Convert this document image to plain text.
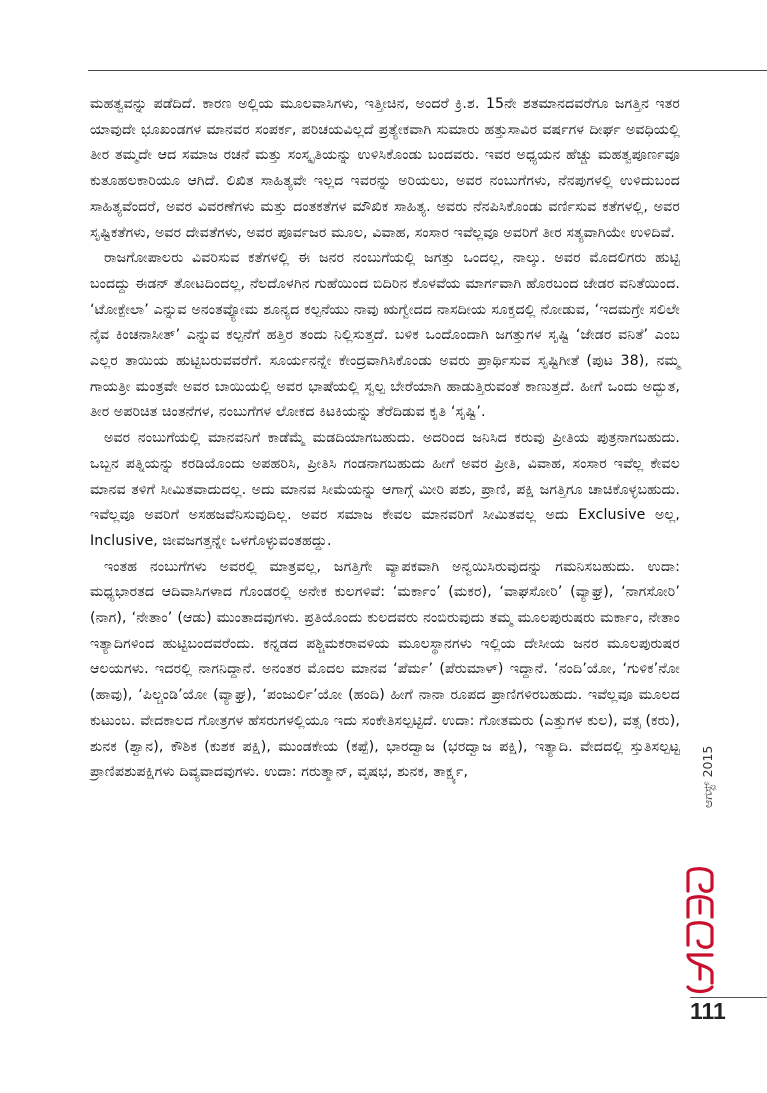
ಮಹತ್ವವನ್ನು ಪಡೆದಿದೆ. ಕಾರಣ ಅಲ್ಲಿಯ ಮೂಲವಾಸಿಗಳು, ಇತ್ತೀಚಿನ, ಅಂದರೆ ಕ್ರಿ.ಶ. 15ನೇ ಶತಮಾನದವರೆಗೂ ಜಗತ್ತಿನ ಇತರ ಯಾವುದೇ ಭೂಖಂಡಗಳ ಮಾನವರ ಸಂಪರ್ಕ, ಪರಿಚಯವಿಲ್ಲದೆ ಪ್ರತ್ಯೇಕವಾಗಿ ಸುಮಾರು ಹತ್ತುಸಾವಿರ ವರ್ಷಗಳ ದೀರ್ಘ ಅವಧಿಯಲ್ಲಿ ತೀರ ತಮ್ಮದೇ ಆದ ಸಮಾಜ ರಚನೆ ಮತ್ತು ಸಂಸ್ಕೃತಿಯನ್ನು ಉಳಿಸಿಕೊಂಡು ಬಂದವರು. ಇವರ ಅಧ್ಯಯನ ಹೆಚ್ಚು ಮಹತ್ವಪೂರ್ಣವೂ ಕುತೂಹಲಕಾರಿಯೂ ಆಗಿದೆ. ಲಿಖಿತ ಸಾಹಿತ್ಯವೇ ಇಲ್ಲದ ಇವರನ್ನು ಅರಿಯಲು, ಅವರ ನಂಬುಗೆಗಳು, ನೆನಪುಗಳಲ್ಲಿ ಉಳಿದುಬಂದ ಸಾಹಿತ್ಯವೆಂದರೆ, ಅವರ ವಿವರಣೆಗಳು ಮತ್ತು ದಂತಕತೆಗಳ ಮೌಖಿಕ ಸಾಹಿತ್ಯ. ಅವರು ನೆನಪಿಸಿಕೊಂಡು ವರ್ಣಿಸುವ ಕತೆಗಳಲ್ಲಿ, ಅವರ ಸೃಷ್ಟಿಕತೆಗಳು, ಅವರ ದೇವತೆಗಳು, ಅವರ ಪೂರ್ವಜರ ಮೂಲ, ವಿವಾಹ, ಸಂಸಾರ ಇವೆಲ್ಲವೂ ಅವರಿಗೆ ತೀರ ಸತ್ಯವಾಗಿಯೇ ಉಳಿದಿವೆ.

ರಾಜಗೋಪಾಲರು ವಿವರಿಸುವ ಕತೆಗಳಲ್ಲಿ ಈ ಜನರ ನಂಬುಗೆಯಲ್ಲಿ ಜಗತ್ತು ಒಂದಲ್ಲ, ನಾಲ್ಕು. ಅವರ ಮೊದಲಿಗರು ಹುಟ್ಟಿ ಬಂದದ್ದು ಈಡನ್ ತೋಟದಿಂದಲ್ಲ, ನೆಲದೊಳಗಿನ ಗುಹೆಯಿಂದ ಬಿದಿರಿನ ಕೊಳವೆಯ ಮಾರ್ಗವಾಗಿ ಹೊರಬಂದ ಜೇಡರ ವನಿತೆಯಿಂದ. ‘ಟೋಕ್ಪೇಲಾ’ ಎನ್ನುವ ಅನಂತವ್ಯೋಮ ಶೂನ್ಯದ ಕಲ್ಪನೆಯು ನಾವು ಋಗ್ವೇದದ ನಾಸದೀಯ ಸೂಕ್ತದಲ್ಲಿ ನೋಡುವ, ‘ಇದಮಗ್ರೇ ಸಲಿಲೇ ನೈವ ಕಿಂಚನಾಸೀತ್’ ಎನ್ನುವ ಕಲ್ಪನೆಗೆ ಹತ್ತಿರ ತಂದು ನಿಲ್ಲಿಸುತ್ತದೆ. ಬಳಿಕ ಒಂದೊಂದಾಗಿ ಜಗತ್ತುಗಳ ಸೃಷ್ಟಿ ‘ಜೇಡರ ವನಿತೆ’ ಎಂಬ ಎಲ್ಲರ ತಾಯಿಯ ಹುಟ್ಟಿಬರುವವರೆಗೆ. ಸೂರ್ಯನನ್ನೇ ಕೇಂದ್ರವಾಗಿಸಿಕೊಂಡು ಅವರು ಪ್ರಾರ್ಥಿಸುವ ಸೃಷ್ಟಿಗೀತೆ (ಪುಟ 38), ನಮ್ಮ ಗಾಯತ್ರೀ ಮಂತ್ರವೇ ಅವರ ಬಾಯಿಯಲ್ಲಿ ಅವರ ಭಾಷೆಯಲ್ಲಿ ಸ್ವಲ್ಪ ಬೇರೆಯಾಗಿ ಹಾಡುತ್ತಿರುವಂತೆ ಕಾಣುತ್ತದೆ. ಹೀಗೆ ಒಂದು ಅದ್ಭುತ, ತೀರ ಅಪರಿಚಿತ ಚಿಂತನೆಗಳ, ನಂಬುಗೆಗಳ ಲೋಕದ ಕಿಟಕಿಯನ್ನು ತೆರೆದಿಡುವ ಕೃತಿ ‘ಸೃಷ್ಟಿ’.

ಅವರ ನಂಬುಗೆಯಲ್ಲಿ ಮಾನವನಿಗೆ ಕಾಡೆಮ್ಮೆ ಮಡದಿಯಾಗಬಹುದು. ಅದರಿಂದ ಜನಿಸಿದ ಕರುವು ಪ್ರೀತಿಯ ಪುತ್ರನಾಗಬಹುದು. ಒಬ್ಬನ ಪತ್ನಿಯನ್ನು ಕರಡಿಯೊಂದು ಅಪಹರಿಸಿ, ಪ್ರೀತಿಸಿ ಗಂಡನಾಗಬಹುದು ಹೀಗೆ ಅವರ ಪ್ರೀತಿ, ವಿವಾಹ, ಸಂಸಾರ ಇವೆಲ್ಲ ಕೇವಲ ಮಾನವ ತಳಿಗೆ ಸೀಮಿತವಾದುದಲ್ಲ. ಅದು ಮಾನವ ಸೀಮೆಯನ್ನು ಆಗಾಗ್ಗೆ ಮೀರಿ ಪಶು, ಪ್ರಾಣಿ, ಪಕ್ಷಿ ಜಗತ್ತಿಗೂ ಚಾಚಿಕೊಳ್ಳಬಹುದು. ಇವೆಲ್ಲವೂ ಅವರಿಗೆ ಅಸಹಜವೆನಿಸುವುದಿಲ್ಲ. ಅವರ ಸಮಾಜ ಕೇವಲ ಮಾನವರಿಗೆ ಸೀಮಿತವಲ್ಲ ಅದು Exclusive ಅಲ್ಲ, Inclusive, ಜೀವಜಗತ್ತನ್ನೇ ಒಳಗೊಳ್ಳುವಂತಹದ್ದು.

ಇಂತಹ ನಂಬುಗೆಗಳು ಅವರಲ್ಲಿ ಮಾತ್ರವಲ್ಲ, ಜಗತ್ತಿಗೇ ವ್ಯಾಪಕವಾಗಿ ಅನ್ವಯಿಸಿರುವುದನ್ನು ಗಮನಿಸಬಹುದು. ಉದಾ: ಮಧ್ಯಭಾರತದ ಆದಿವಾಸಿಗಳಾದ ಗೊಂಡರಲ್ಲಿ ಅನೇಕ ಕುಲಗಳಿವೆ: ‘ಮರ್ಕಾಂ’ (ಮಕರ), ‘ವಾಘಸೋರಿ’ (ವ್ಯಾಘ್ರ), ‘ನಾಗಸೋರಿ’ (ನಾಗ), ‘ನೇತಾಂ’ (ಆಡು) ಮುಂತಾದವುಗಳು. ಪ್ರತಿಯೊಂದು ಕುಲದವರು ನಂಬಿರುವುದು ತಮ್ಮ ಮೂಲಪುರುಷರು ಮರ್ಕಾಂ, ನೇತಾಂ ಇತ್ಯಾದಿಗಳಿಂದ ಹುಟ್ಟಿಬಂದವರೆಂದು. ಕನ್ನಡದ ಪಶ್ಚಿಮಕರಾವಳಿಯ ಮೂಲಸ್ಥಾನಗಳು ಇಲ್ಲಿಯ ದೇಸೀಯ ಜನರ ಮೂಲಪುರುಷರ ಆಲಯಗಳು. ಇದರಲ್ಲಿ ನಾಗನಿದ್ದಾನೆ. ಅನಂತರ ಮೊದಲ ಮಾನವ ‘ಪೆರ್ಮ’ (ಪೆರುಮಾಳ್) ಇದ್ದಾನೆ. ‘ನಂದಿ’ಯೋ, ‘ಗುಳಿಕ’ನೋ (ಹಾವು), ‘ಪಿಲ್ಚಂಡಿ’ಯೋ (ವ್ಯಾಘ್ರ), ‘ಪಂಜುರ್ಲಿ’ಯೋ (ಹಂದಿ) ಹೀಗೆ ನಾನಾ ರೂಪದ ಪ್ರಾಣಿಗಳಿರಬಹುದು. ಇವೆಲ್ಲವೂ ಮೂಲದ ಕುಟುಂಬ. ವೇದಕಾಲದ ಗೋತ್ರಗಳ ಹೆಸರುಗಳಲ್ಲಿಯೂ ಇದು ಸಂಕೇತಿಸಲ್ಪಟ್ಟಿದೆ. ಉದಾ: ಗೋತಮರು (ಎತ್ತುಗಳ ಕುಲ), ವತ್ಸ (ಕರು), ಶುನಕ (ಶ್ವಾನ), ಕೌಶಿಕ (ಕುಶಕ ಪಕ್ಷಿ), ಮುಂಡಕೇಯ (ಕಪ್ಪೆ), ಭಾರದ್ವಾಜ (ಭರದ್ವಾಜ ಪಕ್ಷಿ), ಇತ್ಯಾದಿ. ವೇದದಲ್ಲಿ ಸ್ತುತಿಸಲ್ಪಟ್ಟ ಪ್ರಾಣಿಪಶುಪಕ್ಷಿಗಳು ದಿವ್ಯವಾದವುಗಳು. ಉದಾ: ಗರುತ್ಮಾನ್, ವೃಷಭ, ಶುನಕ, ತಾರ್ಕ್ಷ್ಯ,	ಆಗಸ್ಟ್ 2015
111
